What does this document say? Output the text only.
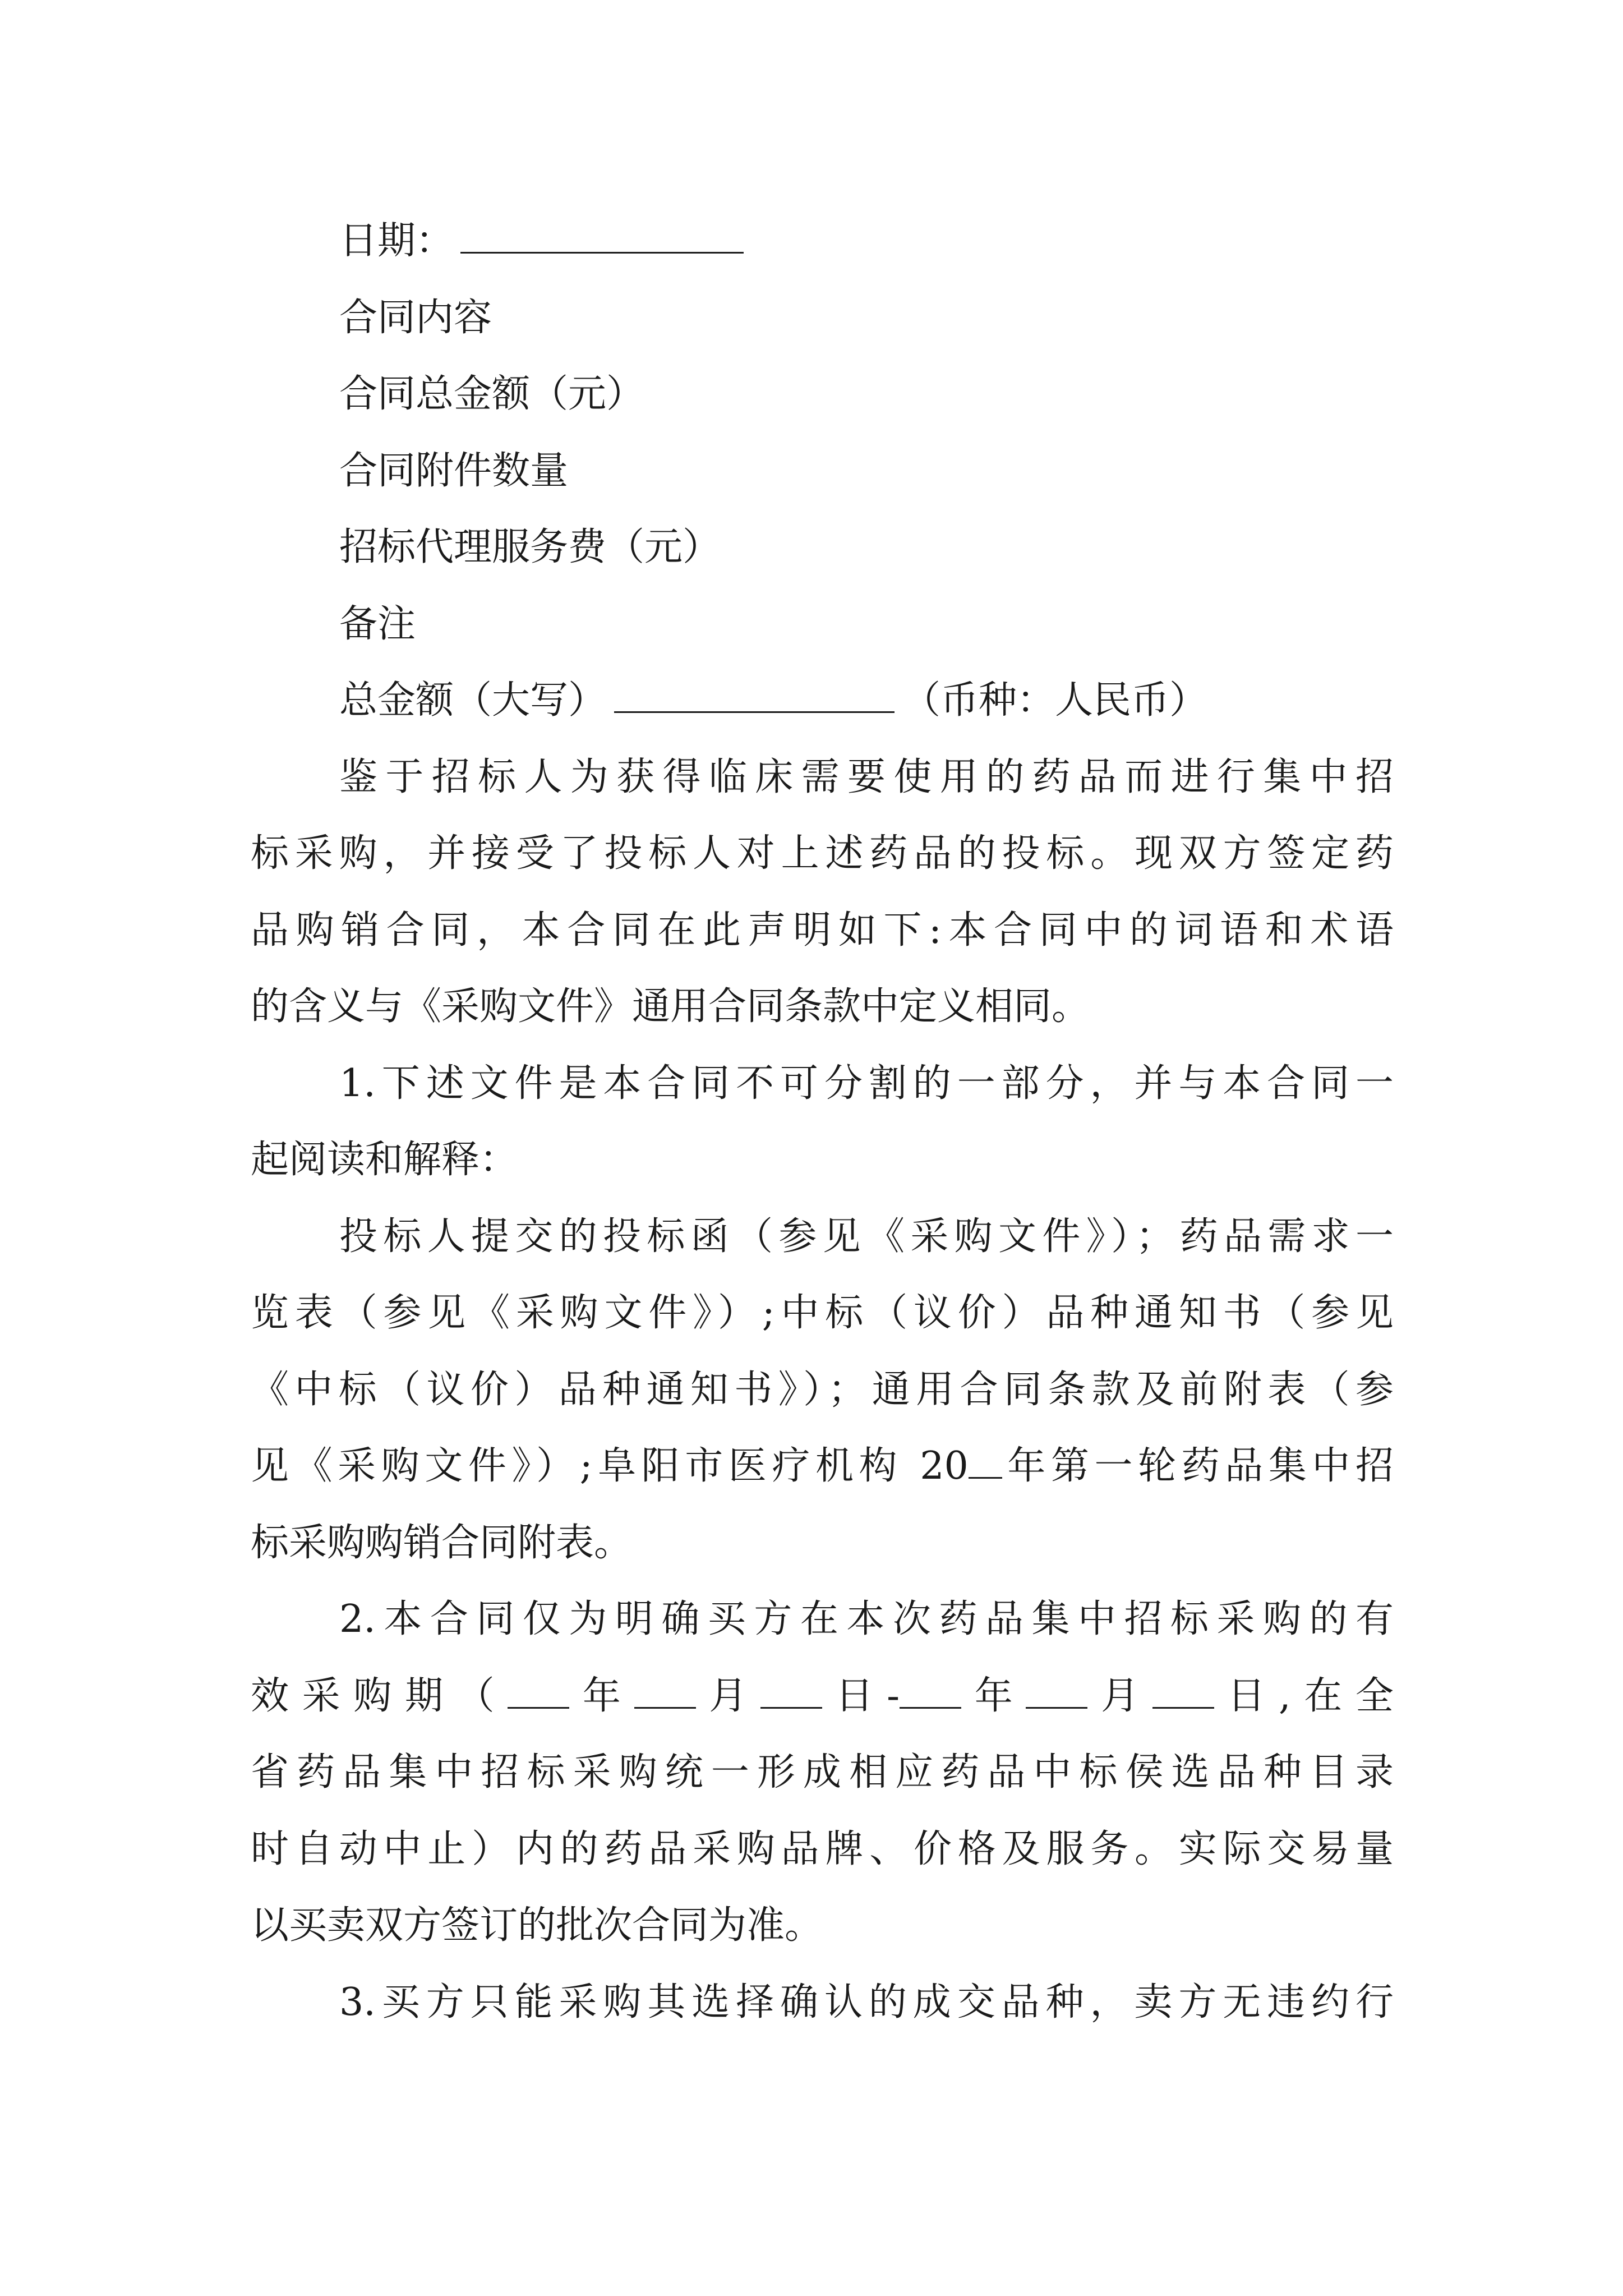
日期：
合同内容
合同总金额（元）
合同附件数量
招标代理服务费（元）
备注
总金额（大写）	（币种：人民币）
鉴于招标人为获得临床需要使用的药品而进行集中招
标采购，并接受了投标人对上述药品的投标。现双方签定药
品购销合同，本合同在此声明如下:本合同中的词语和术语
的含义与《采购文件》通用合同条款中定义相同。
1.下述文件是本合同不可分割的一部分，并与本合同一
起阅读和解释：
投标人提交的投标函（参见《采购文件》）；药品需求一
览表（参见《采购文件》）;中标（议价）品种通知书（参见
《中标（议价）品种通知书》）；通用合同条款及前附表（参
见《采购文件》）;阜阳市医疗机构 20 年第一轮药品集中招
标采购购销合同附表。
2.本合同仅为明确买方在本次药品集中招标采购的有
效采购期（ 年 月 日- 年 月 日,在全
省药品集中招标采购统一形成相应药品中标侯选品种目录
时自动中止）内的药品采购品牌、价格及服务。实际交易量
以买卖双方签订的批次合同为准。
3.买方只能采购其选择确认的成交品种，卖方无违约行
